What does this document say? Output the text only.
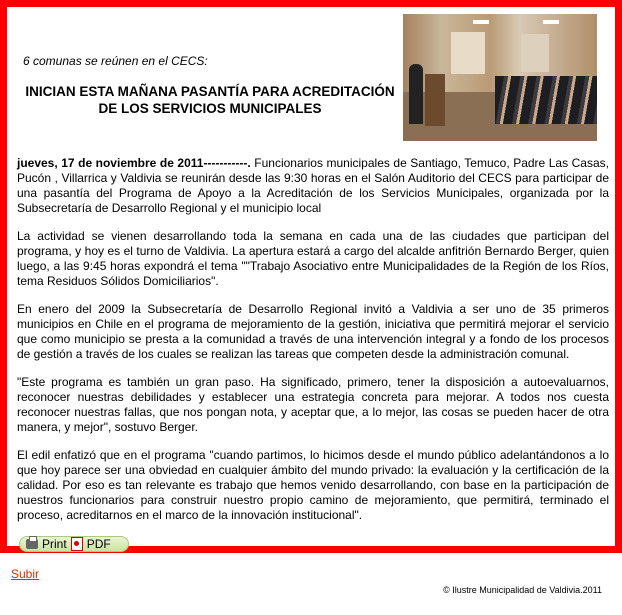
6 comunas se reúnen en el CECS:
INICIAN ESTA MAÑANA PASANTÍA PARA ACREDITACIÓN DE LOS SERVICIOS MUNICIPALES

jueves, 17 de noviembre de 2011-----------. Funcionarios municipales de Santiago, Temuco, Padre Las Casas, Pucón , Villarrica y Valdivia se reunirán desde las 9:30 horas en el Salón Auditorio del CECS para participar de una pasantía del Programa de Apoyo a la Acreditación de los Servicios Municipales, organizada por la Subsecretaría de Desarrollo Regional y el municipio local

La actividad se vienen desarrollando toda la semana en cada una de las ciudades que participan del programa, y hoy es el turno de Valdivia. La apertura estará a cargo del alcalde anfitrión Bernardo Berger, quien luego, a las 9:45 horas expondrá el tema ""Trabajo Asociativo entre Municipalidades de la Región de los Ríos, tema Residuos Sólidos Domiciliarios".

En enero del 2009 la Subsecretaría de Desarrollo Regional invitó a Valdivia a ser uno de 35 primeros municipios en Chile en el programa de mejoramiento de la gestión, iniciativa que permitirá mejorar el servicio que como municipio se presta a la comunidad a través de una intervención integral y a fondo de los procesos de gestión a través de los cuales se realizan las tareas que competen desde la administración comunal.

"Este programa es también un gran paso. Ha significado, primero, tener la disposición a autoevaluarnos, reconocer nuestras debilidades y establecer una estrategia concreta para mejorar. A todos nos cuesta reconocer nuestras fallas, que nos pongan nota, y aceptar que, a lo mejor, las cosas se pueden hacer de otra manera, y mejor", sostuvo Berger.

El edil enfatizó que en el programa "cuando partimos, lo hicimos desde el mundo público adelantándonos a lo que hoy parece ser una obviedad en cualquier ámbito del mundo privado: la evaluación y la certificación de la calidad. Por eso es tan relevante es trabajo que hemos venido desarrollando, con base en la participación de nuestros funcionarios para construir nuestro propio camino de mejoramiento, que permitirá, terminado el proceso, acreditarnos en el marco de la innovación institucional".

Print PDF
Subir
© Ilustre Municipalidad de Valdivia.2011
